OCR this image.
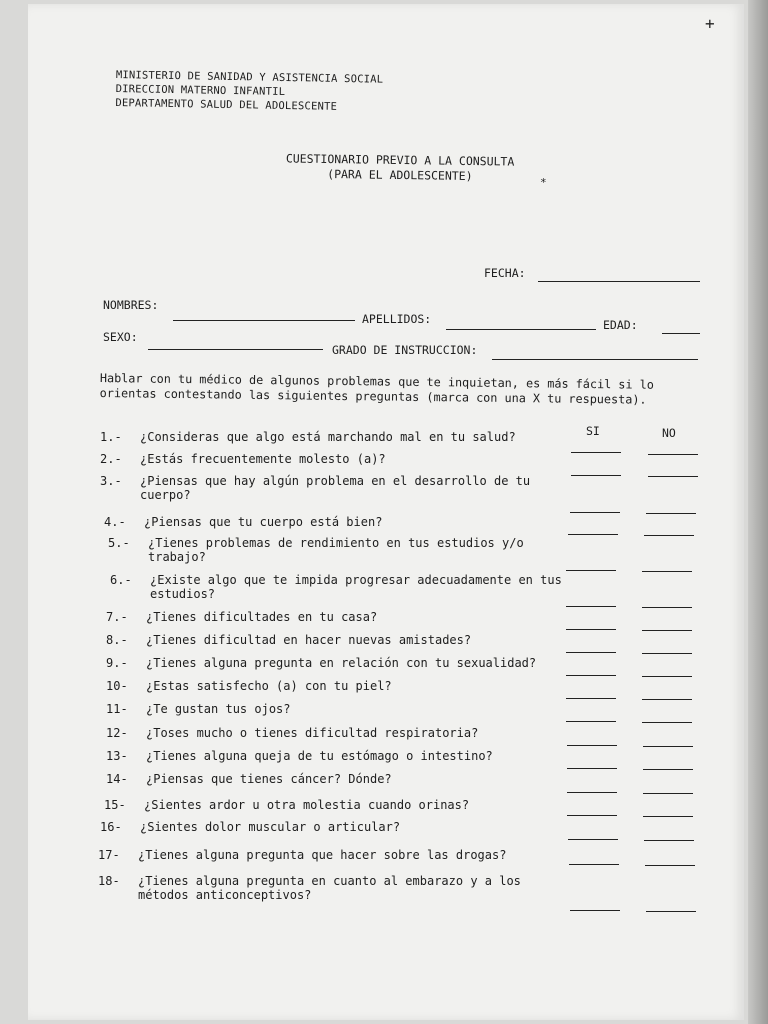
+
MINISTERIO DE SANIDAD Y ASISTENCIA SOCIAL
DIRECCION MATERNO INFANTIL
DEPARTAMENTO SALUD DEL ADOLESCENTE
CUESTIONARIO PREVIO A LA CONSULTA
(PARA EL ADOLESCENTE)	*
FECHA:
NOMBRES:
APELLIDOS:	EDAD:
SEXO:
GRADO DE INSTRUCCION:
Hablar con tu médico de algunos problemas que te inquietan, es más fácil si lo orientas contestando las siguientes preguntas (marca con una X tu respuesta).
SI	NO
1.-	¿Consideras que algo está marchando mal en tu salud?
2.-	¿Estás frecuentemente molesto (a)?
3.-	¿Piensas que hay algún problema en el desarrollo de tu cuerpo?
4.-	¿Piensas que tu cuerpo está bien?
5.-	¿Tienes problemas de rendimiento en tus estudios y/o trabajo?
6.-	¿Existe algo que te impida progresar adecuadamente en tus estudios?
7.-	¿Tienes dificultades en tu casa?
8.-	¿Tienes dificultad en hacer nuevas amistades?
9.-	¿Tienes alguna pregunta en relación con tu sexualidad?
10-	¿Estas satisfecho (a) con tu piel?
11-	¿Te gustan tus ojos?
12-	¿Toses mucho o tienes dificultad respiratoria?
13-	¿Tienes alguna queja de tu estómago o intestino?
14-	¿Piensas que tienes cáncer? Dónde?
15-	¿Sientes ardor u otra molestia cuando orinas?
16-	¿Sientes dolor muscular o articular?
17-	¿Tienes alguna pregunta que hacer sobre las drogas?
18-	¿Tienes alguna pregunta en cuanto al embarazo y a los métodos anticonceptivos?
